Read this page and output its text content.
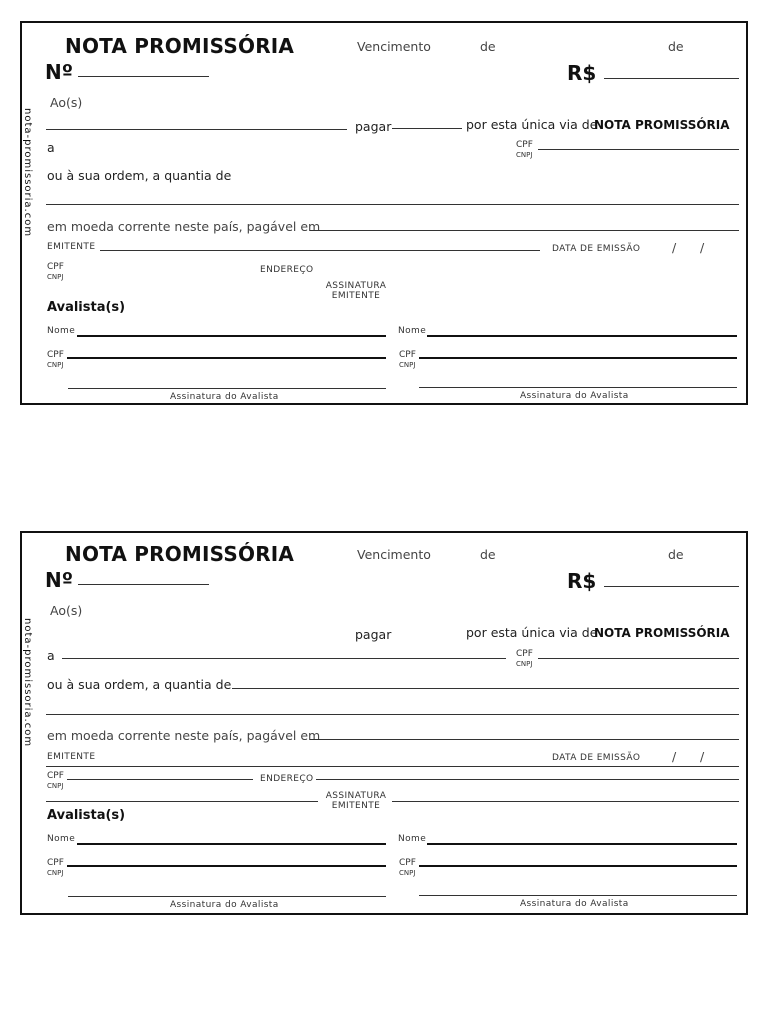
nota-promissoria.com
NOTA PROMISSÓRIA	Vencimento	de	de
Nº	R$
Ao(s)
pagar	por esta única via de
NOTA PROMISSÓRIA
a	CPF
CNPJ
ou à sua ordem, a quantia de
em moeda corrente neste país, pagável em
EMITENTE	DATA DE EMISSÃO	/ /
CPF
CNPJ
ENDEREÇO
ASSINATURA
EMITENTE
Avalista(s)
Nome	Nome
CPF
CNPJ
CPF
CNPJ
Assinatura do Avalista	Assinatura do Avalista
nota-promissoria.com
NOTA PROMISSÓRIA	Vencimento	de	de
Nº	R$
Ao(s)
pagar	por esta única via de
NOTA PROMISSÓRIA
a	CPF
CNPJ
ou à sua ordem, a quantia de
em moeda corrente neste país, pagável em
EMITENTE	DATA DE EMISSÃO	/ /
CPF
CNPJ
ENDEREÇO
ASSINATURA
EMITENTE
Avalista(s)
Nome	Nome
CPF
CNPJ
CPF
CNPJ
Assinatura do Avalista	Assinatura do Avalista
